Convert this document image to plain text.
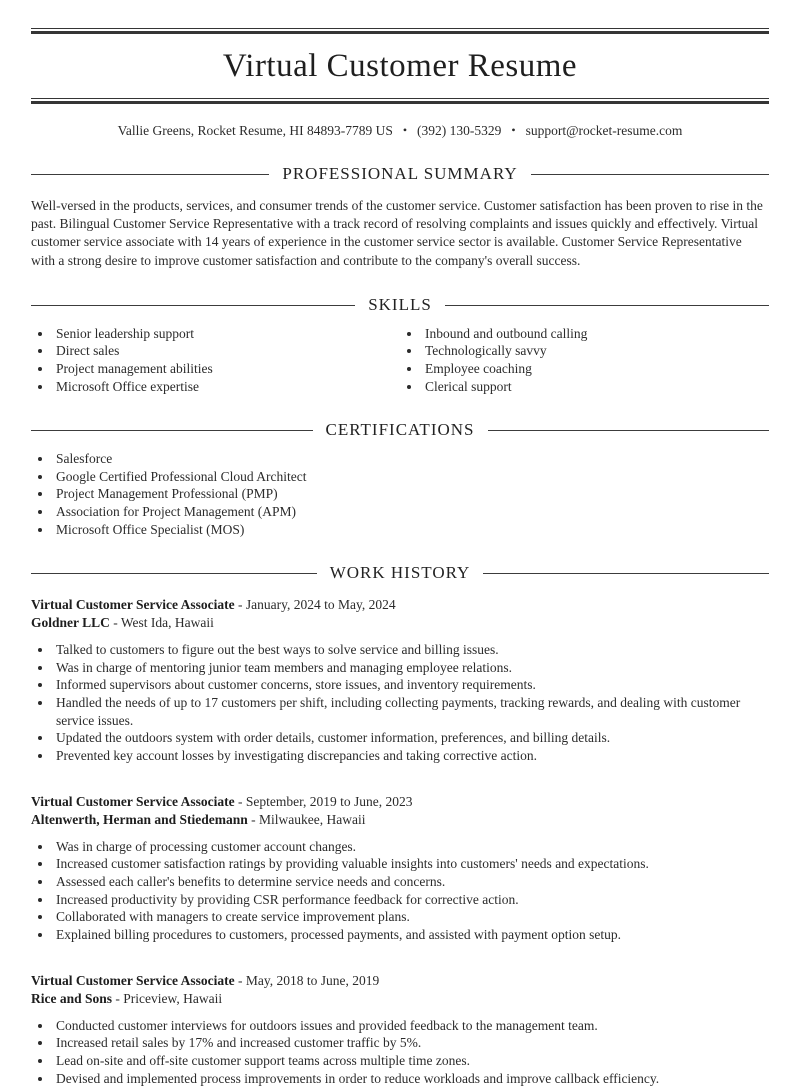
Virtual Customer Resume
Vallie Greens, Rocket Resume, HI 84893-7789 US • (392) 130-5329 • support@rocket-resume.com
PROFESSIONAL SUMMARY

Well-versed in the products, services, and consumer trends of the customer service. Customer satisfaction has been proven to rise in the past. Bilingual Customer Service Representative with a track record of resolving complaints and issues quickly and effectively. Virtual customer service associate with 14 years of experience in the customer service sector is available. Customer Service Representative with a strong desire to improve customer satisfaction and contribute to the company's overall success.

SKILLS
• Senior leadership support
• Direct sales
• Project management abilities
• Microsoft Office expertise
• Inbound and outbound calling
• Technologically savvy
• Employee coaching
• Clerical support
CERTIFICATIONS
• Salesforce
• Google Certified Professional Cloud Architect
• Project Management Professional (PMP)
• Association for Project Management (APM)
• Microsoft Office Specialist (MOS)
WORK HISTORY
Virtual Customer Service Associate - January, 2024 to May, 2024
Goldner LLC - West Ida, Hawaii
• Talked to customers to figure out the best ways to solve service and billing issues.
• Was in charge of mentoring junior team members and managing employee relations.
• Informed supervisors about customer concerns, store issues, and inventory requirements.
• Handled the needs of up to 17 customers per shift, including collecting payments, tracking rewards, and dealing with customer service issues.
• Updated the outdoors system with order details, customer information, preferences, and billing details.
• Prevented key account losses by investigating discrepancies and taking corrective action.
Virtual Customer Service Associate - September, 2019 to June, 2023
Altenwerth, Herman and Stiedemann - Milwaukee, Hawaii
• Was in charge of processing customer account changes.
• Increased customer satisfaction ratings by providing valuable insights into customers' needs and expectations.
• Assessed each caller's benefits to determine service needs and concerns.
• Increased productivity by providing CSR performance feedback for corrective action.
• Collaborated with managers to create service improvement plans.
• Explained billing procedures to customers, processed payments, and assisted with payment option setup.
Virtual Customer Service Associate - May, 2018 to June, 2019
Rice and Sons - Priceview, Hawaii
• Conducted customer interviews for outdoors issues and provided feedback to the management team.
• Increased retail sales by 17% and increased customer traffic by 5%.
• Lead on-site and off-site customer support teams across multiple time zones.
• Devised and implemented process improvements in order to reduce workloads and improve callback efficiency.
